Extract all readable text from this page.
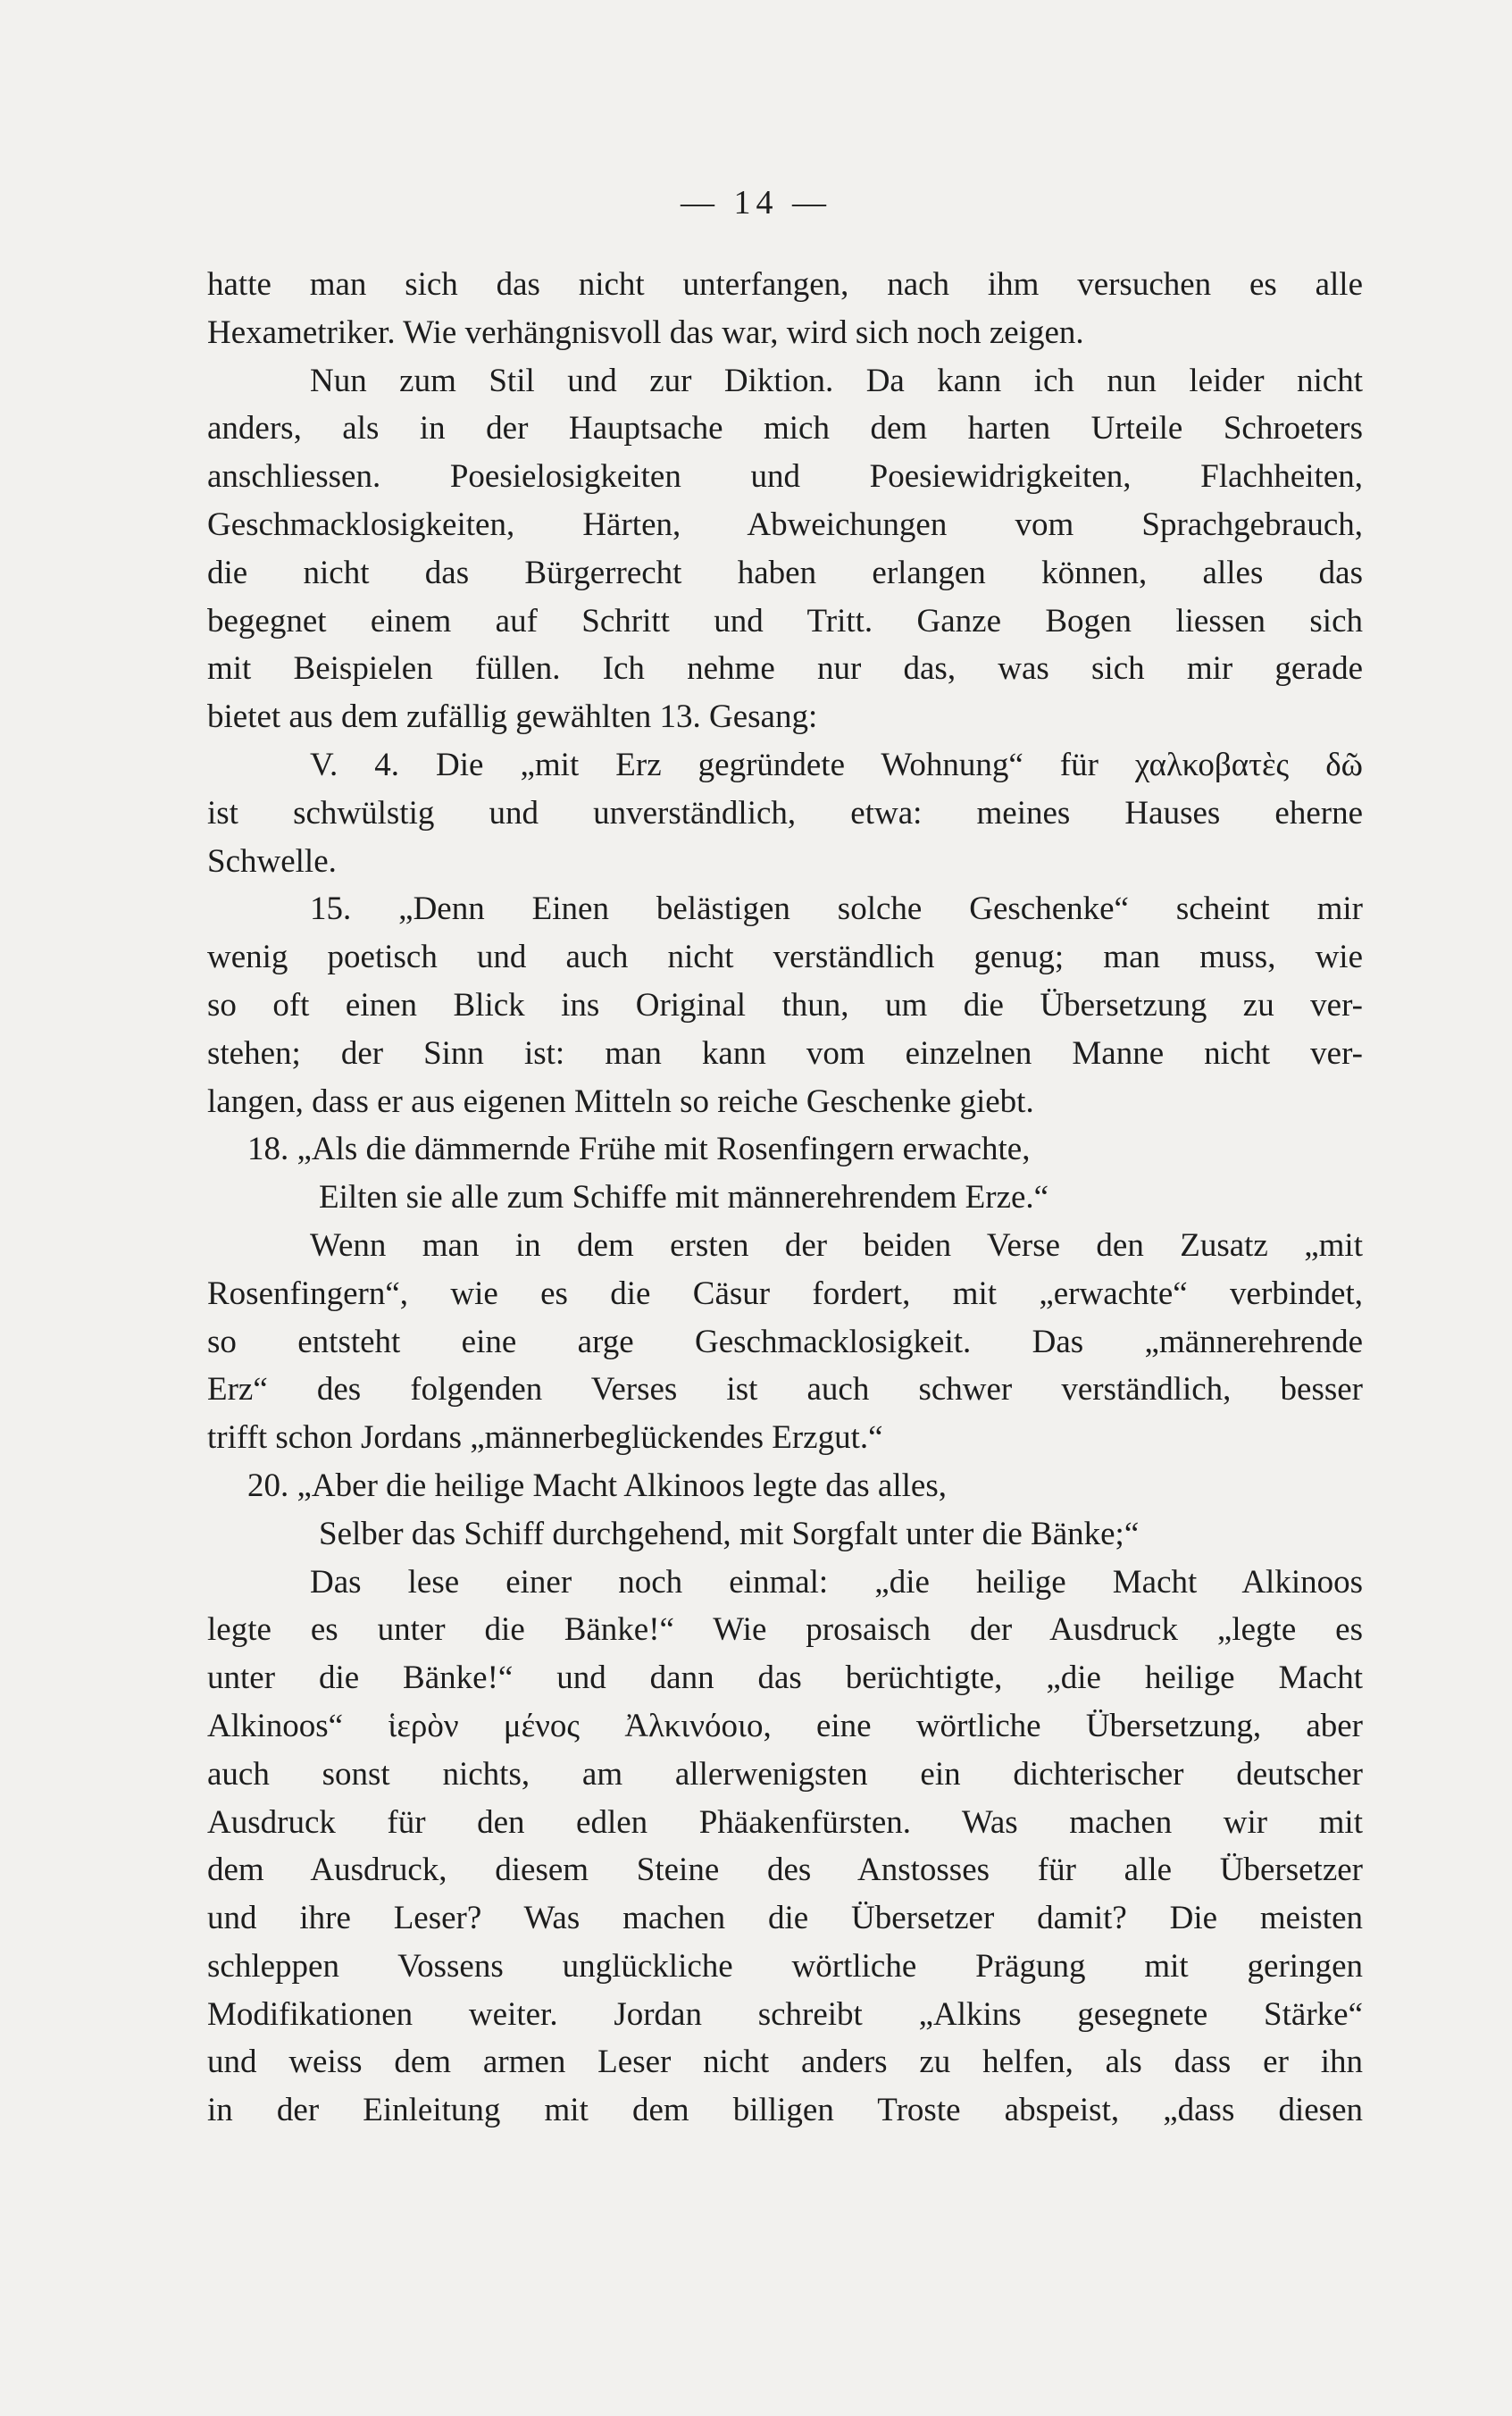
— 14 —
hatte man sich das nicht unterfangen, nach ihm versuchen es alle
Hexametriker. Wie verhängnisvoll das war, wird sich noch zeigen.
Nun zum Stil und zur Diktion. Da kann ich nun leider nicht
anders, als in der Hauptsache mich dem harten Urteile Schroeters
anschliessen. Poesielosigkeiten und Poesiewidrigkeiten, Flachheiten,
Geschmacklosigkeiten, Härten, Abweichungen vom Sprachgebrauch,
die nicht das Bürgerrecht haben erlangen können, alles das
begegnet einem auf Schritt und Tritt. Ganze Bogen liessen sich
mit Beispielen füllen. Ich nehme nur das, was sich mir gerade
bietet aus dem zufällig gewählten 13. Gesang:
V. 4. Die „mit Erz gegründete Wohnung“ für χαλκοβατὲς δῶ
ist schwülstig und unverständlich, etwa: meines Hauses eherne
Schwelle.
15. „Denn Einen belästigen solche Geschenke“ scheint mir
wenig poetisch und auch nicht verständlich genug; man muss, wie
so oft einen Blick ins Original thun, um die Übersetzung zu ver-
stehen; der Sinn ist: man kann vom einzelnen Manne nicht ver-
langen, dass er aus eigenen Mitteln so reiche Geschenke giebt.
18. „Als die dämmernde Frühe mit Rosenfingern erwachte,
Eilten sie alle zum Schiffe mit männerehrendem Erze.“
Wenn man in dem ersten der beiden Verse den Zusatz „mit
Rosenfingern“, wie es die Cäsur fordert, mit „erwachte“ verbindet,
so entsteht eine arge Geschmacklosigkeit. Das „männerehrende
Erz“ des folgenden Verses ist auch schwer verständlich, besser
trifft schon Jordans „männerbeglückendes Erzgut.“
20. „Aber die heilige Macht Alkinoos legte das alles,
Selber das Schiff durchgehend, mit Sorgfalt unter die Bänke;“
Das lese einer noch einmal: „die heilige Macht Alkinoos
legte es unter die Bänke!“ Wie prosaisch der Ausdruck „legte es
unter die Bänke!“ und dann das berüchtigte, „die heilige Macht
Alkinoos“ ἱερὸν μένος Ἀλκινόοιο, eine wörtliche Übersetzung, aber
auch sonst nichts, am allerwenigsten ein dichterischer deutscher
Ausdruck für den edlen Phäakenfürsten. Was machen wir mit
dem Ausdruck, diesem Steine des Anstosses für alle Übersetzer
und ihre Leser? Was machen die Übersetzer damit? Die meisten
schleppen Vossens unglückliche wörtliche Prägung mit geringen
Modifikationen weiter. Jordan schreibt „Alkins gesegnete Stärke“
und weiss dem armen Leser nicht anders zu helfen, als dass er ihn
in der Einleitung mit dem billigen Troste abspeist, „dass diesen
